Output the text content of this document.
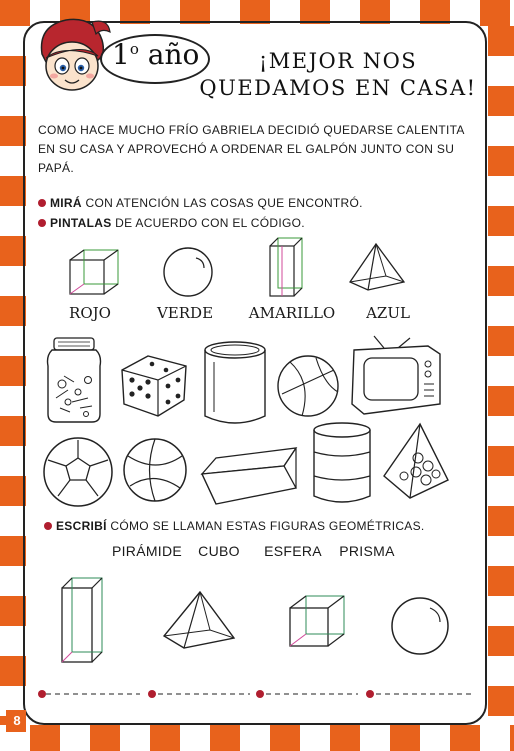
1$^o$ año	¡MEJOR NOS
QUEDAMOS EN CASA!
COMO HACE MUCHO FRÍO GABRIELA DECIDIÓ QUEDARSE CALENTITA EN SU CASA Y APROVECHÓ A ORDENAR EL GALPÓN JUNTO CON SU PAPÁ.
MIRÁ CON ATENCIÓN LAS COSAS QUE ENCONTRÓ.
PINTALAS DE ACUERDO CON EL CÓDIGO.
ROJO	VERDE	AMARILLO	AZUL
ESCRIBÍ CÓMO SE LLAMAN ESTAS FIGURAS GEOMÉTRICAS.
PIRÁMIDE	CUBO	ESFERA	PRISMA
8
